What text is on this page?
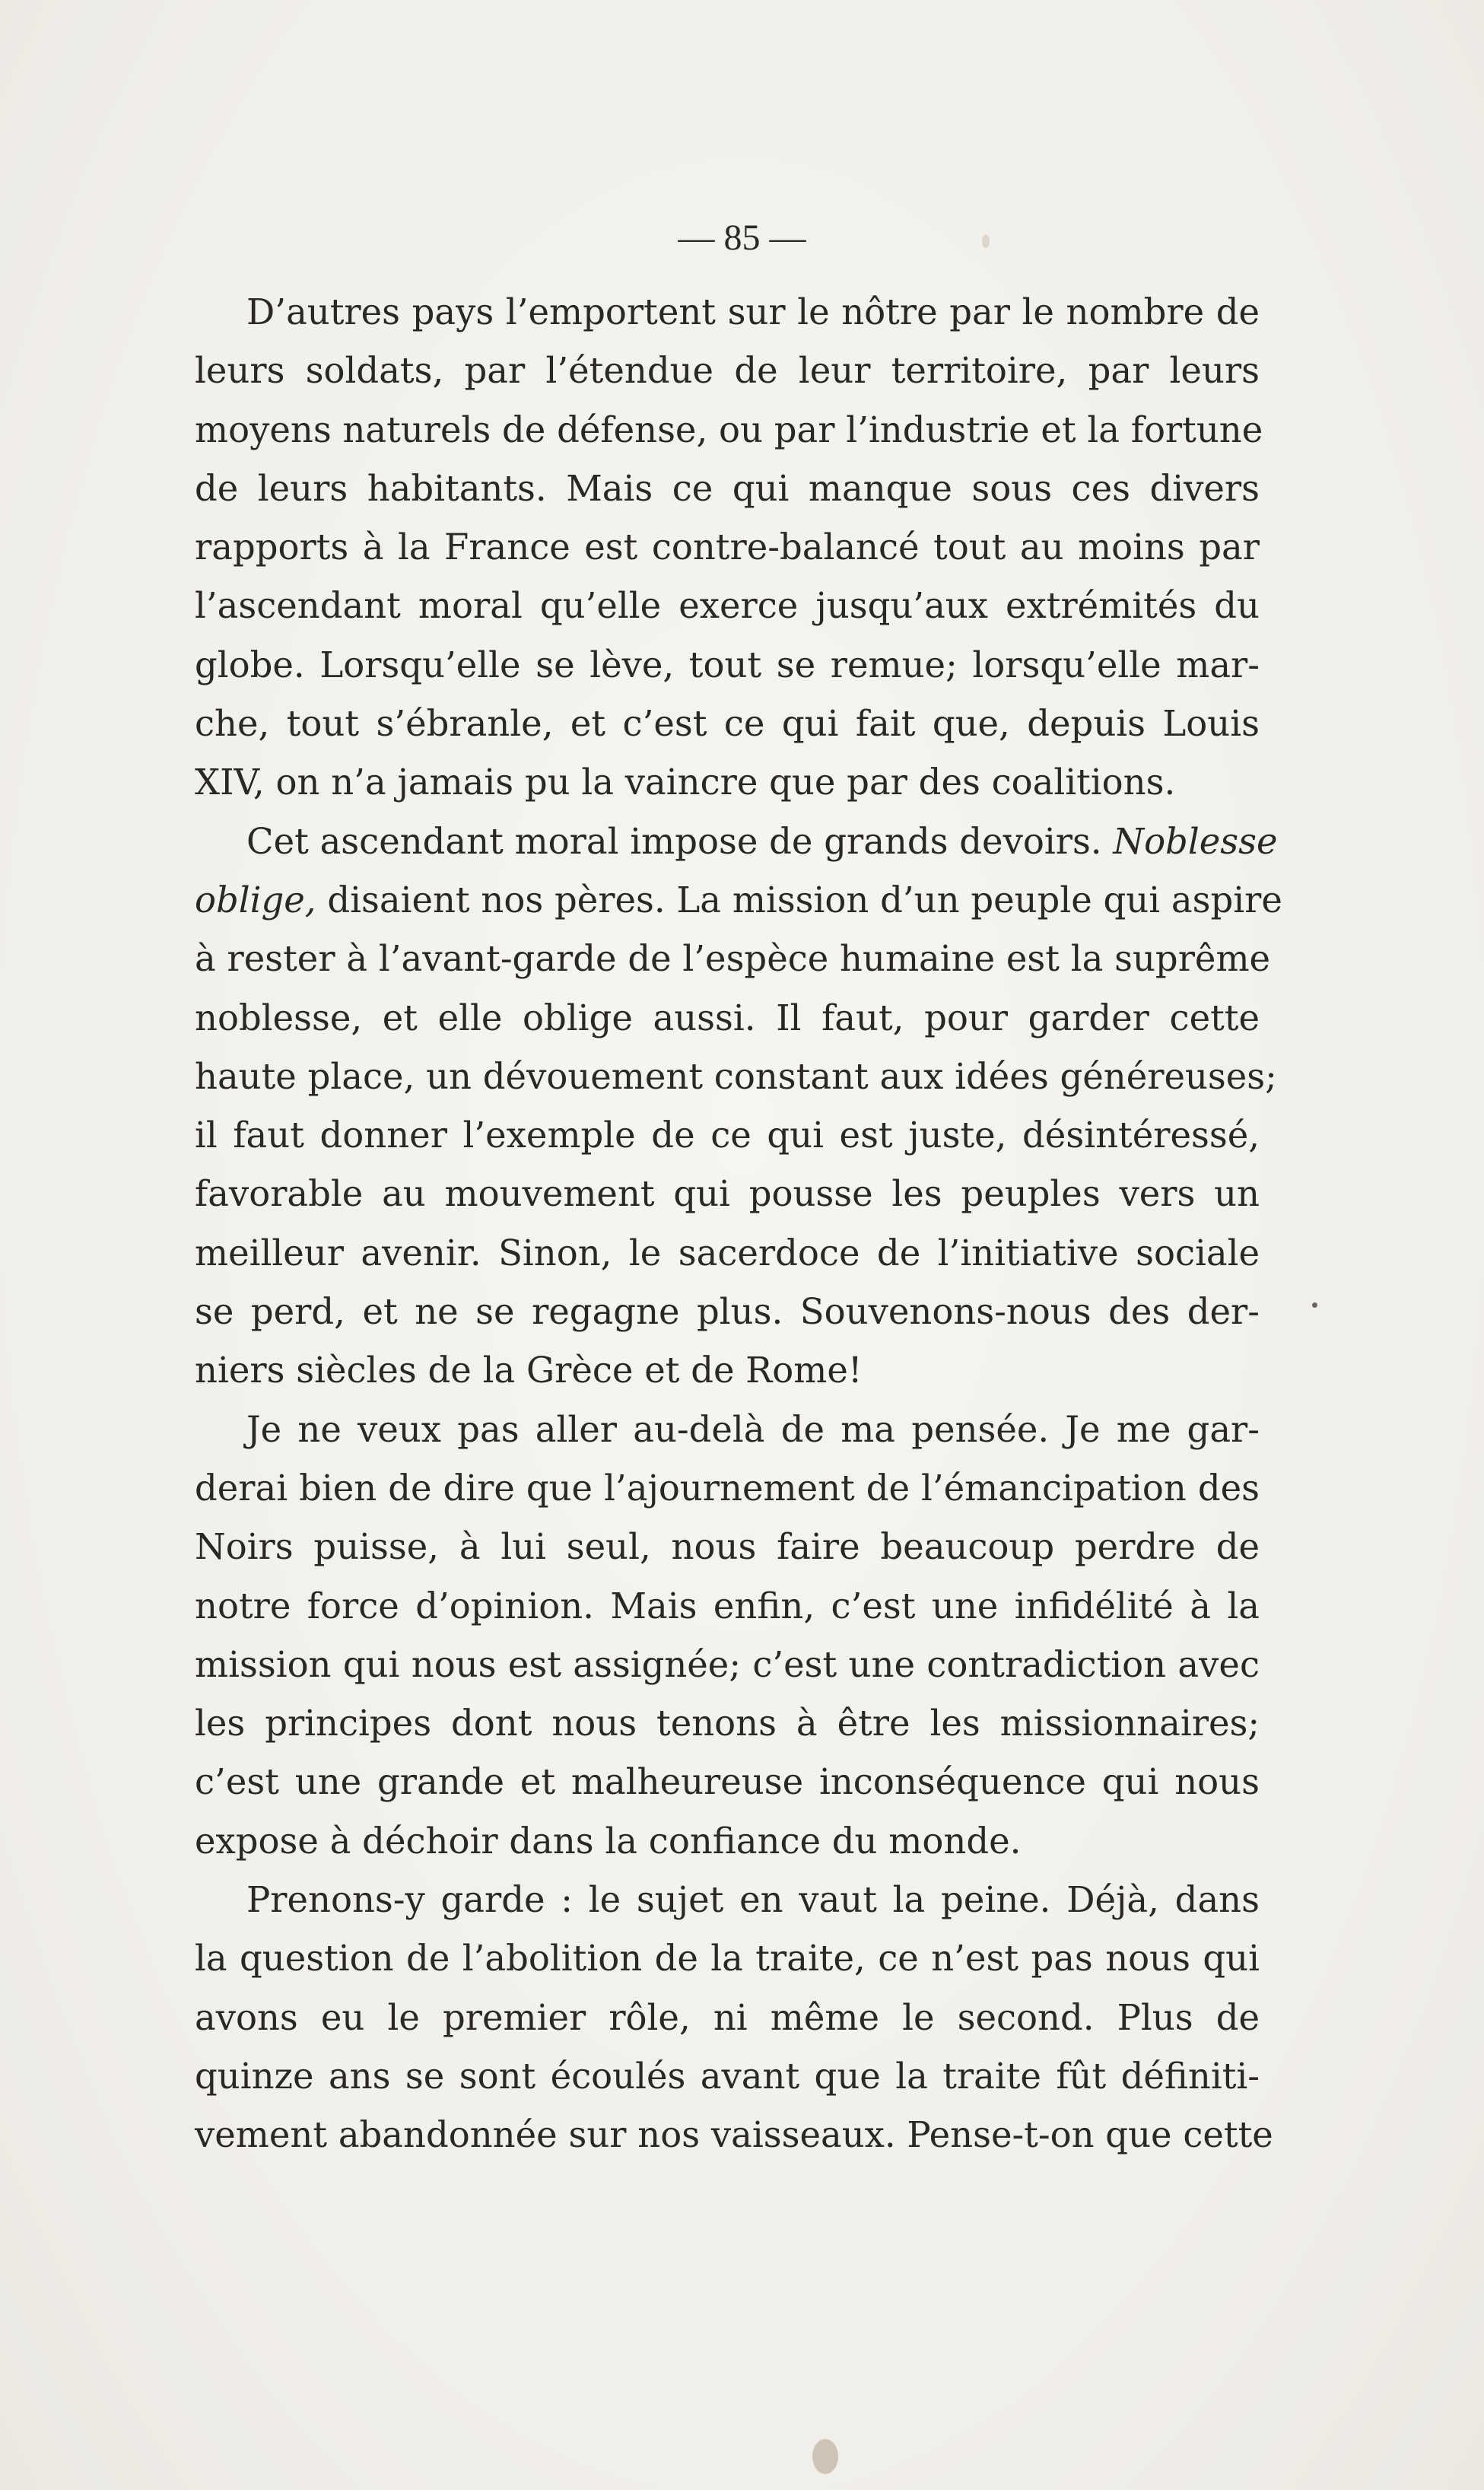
— 85 —
D’autres pays l’emportent sur le nôtre par le nombre de
leurs soldats, par l’étendue de leur territoire, par leurs
moyens naturels de défense, ou par l’industrie et la fortune
de leurs habitants. Mais ce qui manque sous ces divers
rapports à la France est contre-balancé tout au moins par
l’ascendant moral qu’elle exerce jusqu’aux extrémités du
globe. Lorsqu’elle se lève, tout se remue; lorsqu’elle mar-
che, tout s’ébranle, et c’est ce qui fait que, depuis Louis
XIV, on n’a jamais pu la vaincre que par des coalitions.
Cet ascendant moral impose de grands devoirs. Noblesse
oblige, disaient nos pères. La mission d’un peuple qui aspire
à rester à l’avant-garde de l’espèce humaine est la suprême
noblesse, et elle oblige aussi. Il faut, pour garder cette
haute place, un dévouement constant aux idées généreuses;
il faut donner l’exemple de ce qui est juste, désintéressé,
favorable au mouvement qui pousse les peuples vers un
meilleur avenir. Sinon, le sacerdoce de l’initiative sociale
se perd, et ne se regagne plus. Souvenons-nous des der-
niers siècles de la Grèce et de Rome!
Je ne veux pas aller au-delà de ma pensée. Je me gar-
derai bien de dire que l’ajournement de l’émancipation des
Noirs puisse, à lui seul, nous faire beaucoup perdre de
notre force d’opinion. Mais enfin, c’est une infidélité à la
mission qui nous est assignée; c’est une contradiction avec
les principes dont nous tenons à être les missionnaires;
c’est une grande et malheureuse inconséquence qui nous
expose à déchoir dans la confiance du monde.
Prenons-y garde : le sujet en vaut la peine. Déjà, dans
la question de l’abolition de la traite, ce n’est pas nous qui
avons eu le premier rôle, ni même le second. Plus de
quinze ans se sont écoulés avant que la traite fût définiti-
vement abandonnée sur nos vaisseaux. Pense-t-on que cette
